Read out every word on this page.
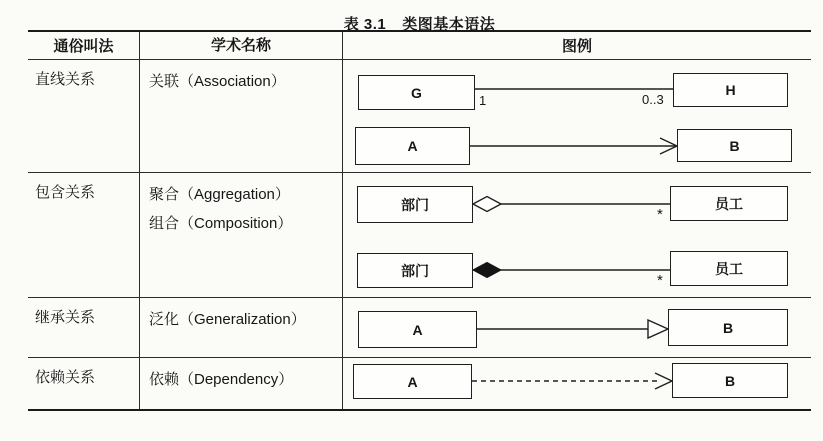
表 3.1 类图基本语法
通俗叫法	学术名称	图例
直线关系	关联（Association）
G	H
1	0..3
A	B
包含关系	聚合（Aggregation）
组合（Composition）
部门	员工
*
部门	员工
*
继承关系	泛化（Generalization）
A	B
依赖关系	依赖（Dependency）	A	B
